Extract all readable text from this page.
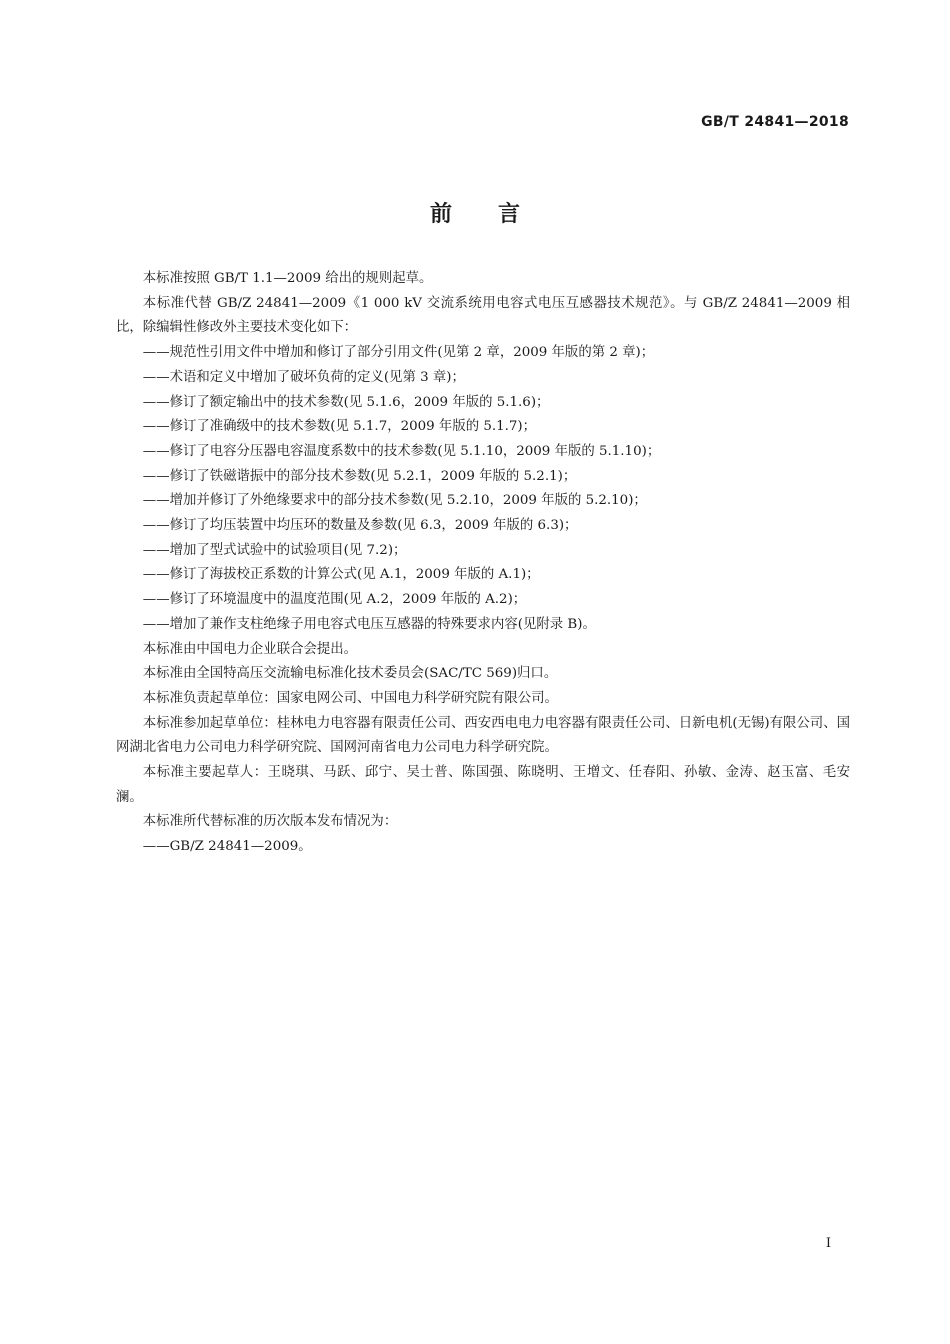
GB/T 24841—2018
前言

本标准按照 GB/T 1.1—2009 给出的规则起草。

本标准代替 GB/Z 24841—2009《1 000 kV 交流系统用电容式电压互感器技术规范》。与 GB/Z 24841—2009 相比，除编辑性修改外主要技术变化如下：

——规范性引用文件中增加和修订了部分引用文件(见第 2 章，2009 年版的第 2 章)；

——术语和定义中增加了破坏负荷的定义(见第 3 章)；

——修订了额定输出中的技术参数(见 5.1.6，2009 年版的 5.1.6)；

——修订了准确级中的技术参数(见 5.1.7，2009 年版的 5.1.7)；

——修订了电容分压器电容温度系数中的技术参数(见 5.1.10，2009 年版的 5.1.10)；

——修订了铁磁谐振中的部分技术参数(见 5.2.1，2009 年版的 5.2.1)；

——增加并修订了外绝缘要求中的部分技术参数(见 5.2.10，2009 年版的 5.2.10)；

——修订了均压装置中均压环的数量及参数(见 6.3，2009 年版的 6.3)；

——增加了型式试验中的试验项目(见 7.2)；

——修订了海拔校正系数的计算公式(见 A.1，2009 年版的 A.1)；

——修订了环境温度中的温度范围(见 A.2，2009 年版的 A.2)；

——增加了兼作支柱绝缘子用电容式电压互感器的特殊要求内容(见附录 B)。

本标准由中国电力企业联合会提出。

本标准由全国特高压交流输电标准化技术委员会(SAC/TC 569)归口。

本标准负责起草单位：国家电网公司、中国电力科学研究院有限公司。

本标准参加起草单位：桂林电力电容器有限责任公司、西安西电电力电容器有限责任公司、日新电机(无锡)有限公司、国网湖北省电力公司电力科学研究院、国网河南省电力公司电力科学研究院。

本标准主要起草人：王晓琪、马跃、邱宁、吴士普、陈国强、陈晓明、王增文、任春阳、孙敏、金涛、赵玉富、毛安澜。

本标准所代替标准的历次版本发布情况为：

——GB/Z 24841—2009。

I
